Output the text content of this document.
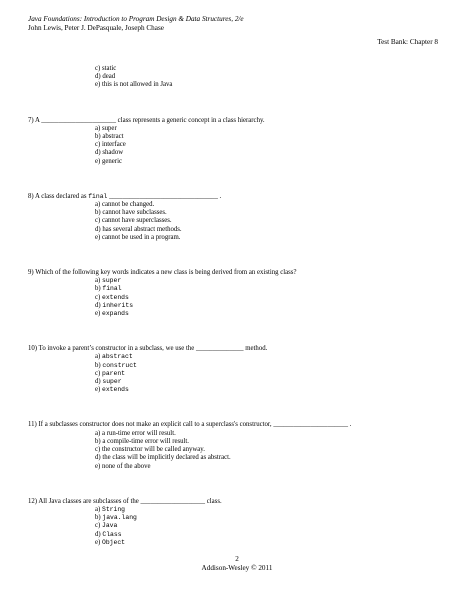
Java Foundations: Introduction to Program Design & Data Structures, 2/e
John Lewis, Peter J. DePasquale, Joseph Chase
Test Bank: Chapter 8
c) static
d) dead
e) this is not allowed in Java
7) A ______________________ class represents a generic concept in a class hierarchy.
a) super
b) abstract
c) interface
d) shadow
e) generic
8) A class declared as final ________________________________ .
a) cannot be changed.
b) cannot have subclasses.
c) cannot have superclasses.
d) has several abstract methods.
e) cannot be used in a program.
9) Which of the following key words indicates a new class is being derived from an existing class?
a) super
b) final
c) extends
d) inherits
e) expands
10) To invoke a parent’s constructor in a subclass, we use the ______________ method.
a) abstract
b) construct
c) parent
d) super
e) extends
11) If a subclasses constructor does not make an explicit call to a superclass's constructor, ______________________ .
a) a run-time error will result.
b) a compile-time error will result.
c) the constructor will be called anyway.
d) the class will be implicitly declared as abstract.
e) none of the above
12) All Java classes are subclasses of the ___________________ class.
a) String
b) java.lang
c) Java
d) Class
e) Object
2
Addison-Wesley © 2011
